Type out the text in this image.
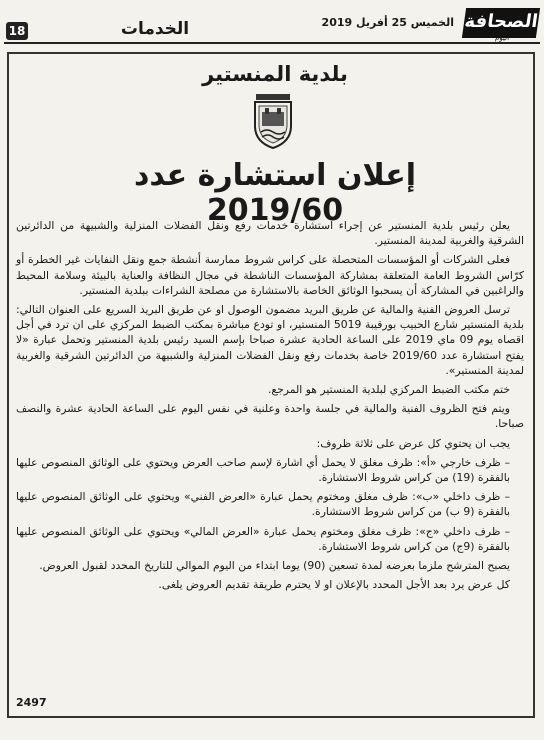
18	الخدمات	الخميس 25 أفريل 2019 الصحافة
اليوم
بلدية المنستير
إعلان استشارة عدد 2019/60

يعلن رئيس بلدية المنستير عن إجراء استشارة خدمات رفع ونقل الفضلات المنزلية والشبيهة من الدائرتين الشرقية والغربية لمدينة المنستير.

فعلى الشركات أو المؤسسات المتحصلة على كراس شروط ممارسة أنشطة جمع ونقل النفايات غير الخطرة أو كرّاس الشروط العامة المتعلقة بمشاركة المؤسسات الناشطة في مجال النظافة والعناية بالبيئة وسلامة المحيط والراغبين في المشاركة أن يسحبوا الوثائق الخاصة بالاستشارة من مصلحة الشراءات ببلدية المنستير.

ترسل العروض الفنية والمالية عن طريق البريد مضمون الوصول او عن طريق البريد السريع على العنوان التالي: بلدية المنستير شارع الحبيب بورقيبة 5019 المنستير، او تودع مباشرة بمكتب الضبط المركزي على ان ترد في أجل اقصاه يوم 09 ماي 2019 على الساعة الحادية عشرة صباحا بإسم السيد رئيس بلدية المنستير وتحمل عبارة «لا يفتح استشارة عدد 2019/60 خاصة بخدمات رفع ونقل الفضلات المنزلية والشبيهة من الدائرتين الشرقية والغربية لمدينة المنستير».

ختم مكتب الضبط المركزي لبلدية المنستير هو المرجع.

ويتم فتح الظروف الفنية والمالية في جلسة واحدة وعلنية في نفس اليوم على الساعة الحادية عشرة والنصف صباحا.

يجب ان يحتوي كل عرض على ثلاثة ظروف:

– ظرف خارجي «أ»: ظرف مغلق لا يحمل أي اشارة لإسم صاحب العرض ويحتوي على الوثائق المنصوص عليها بالفقرة (19) من كراس شروط الاستشارة.

– ظرف داخلي «ب»: ظرف مغلق ومختوم يحمل عبارة «العرض الفني» ويحتوي على الوثائق المنصوص عليها بالفقرة (9 ب) من كراس شروط الاستشارة.

– ظرف داخلي «ج»: ظرف مغلق ومختوم يحمل عبارة «العرض المالي» ويحتوي على الوثائق المنصوص عليها بالفقرة (9ج) من كراس شروط الاستشارة.

يصبح المترشح ملزما بعرضه لمدة تسعين (90) يوما ابتداء من اليوم الموالي للتاريخ المحدد لقبول العروض.

كل عرض يرد بعد الأجل المحدد بالإعلان او لا يحترم طريقة تقديم العروض يلغى.

2497
